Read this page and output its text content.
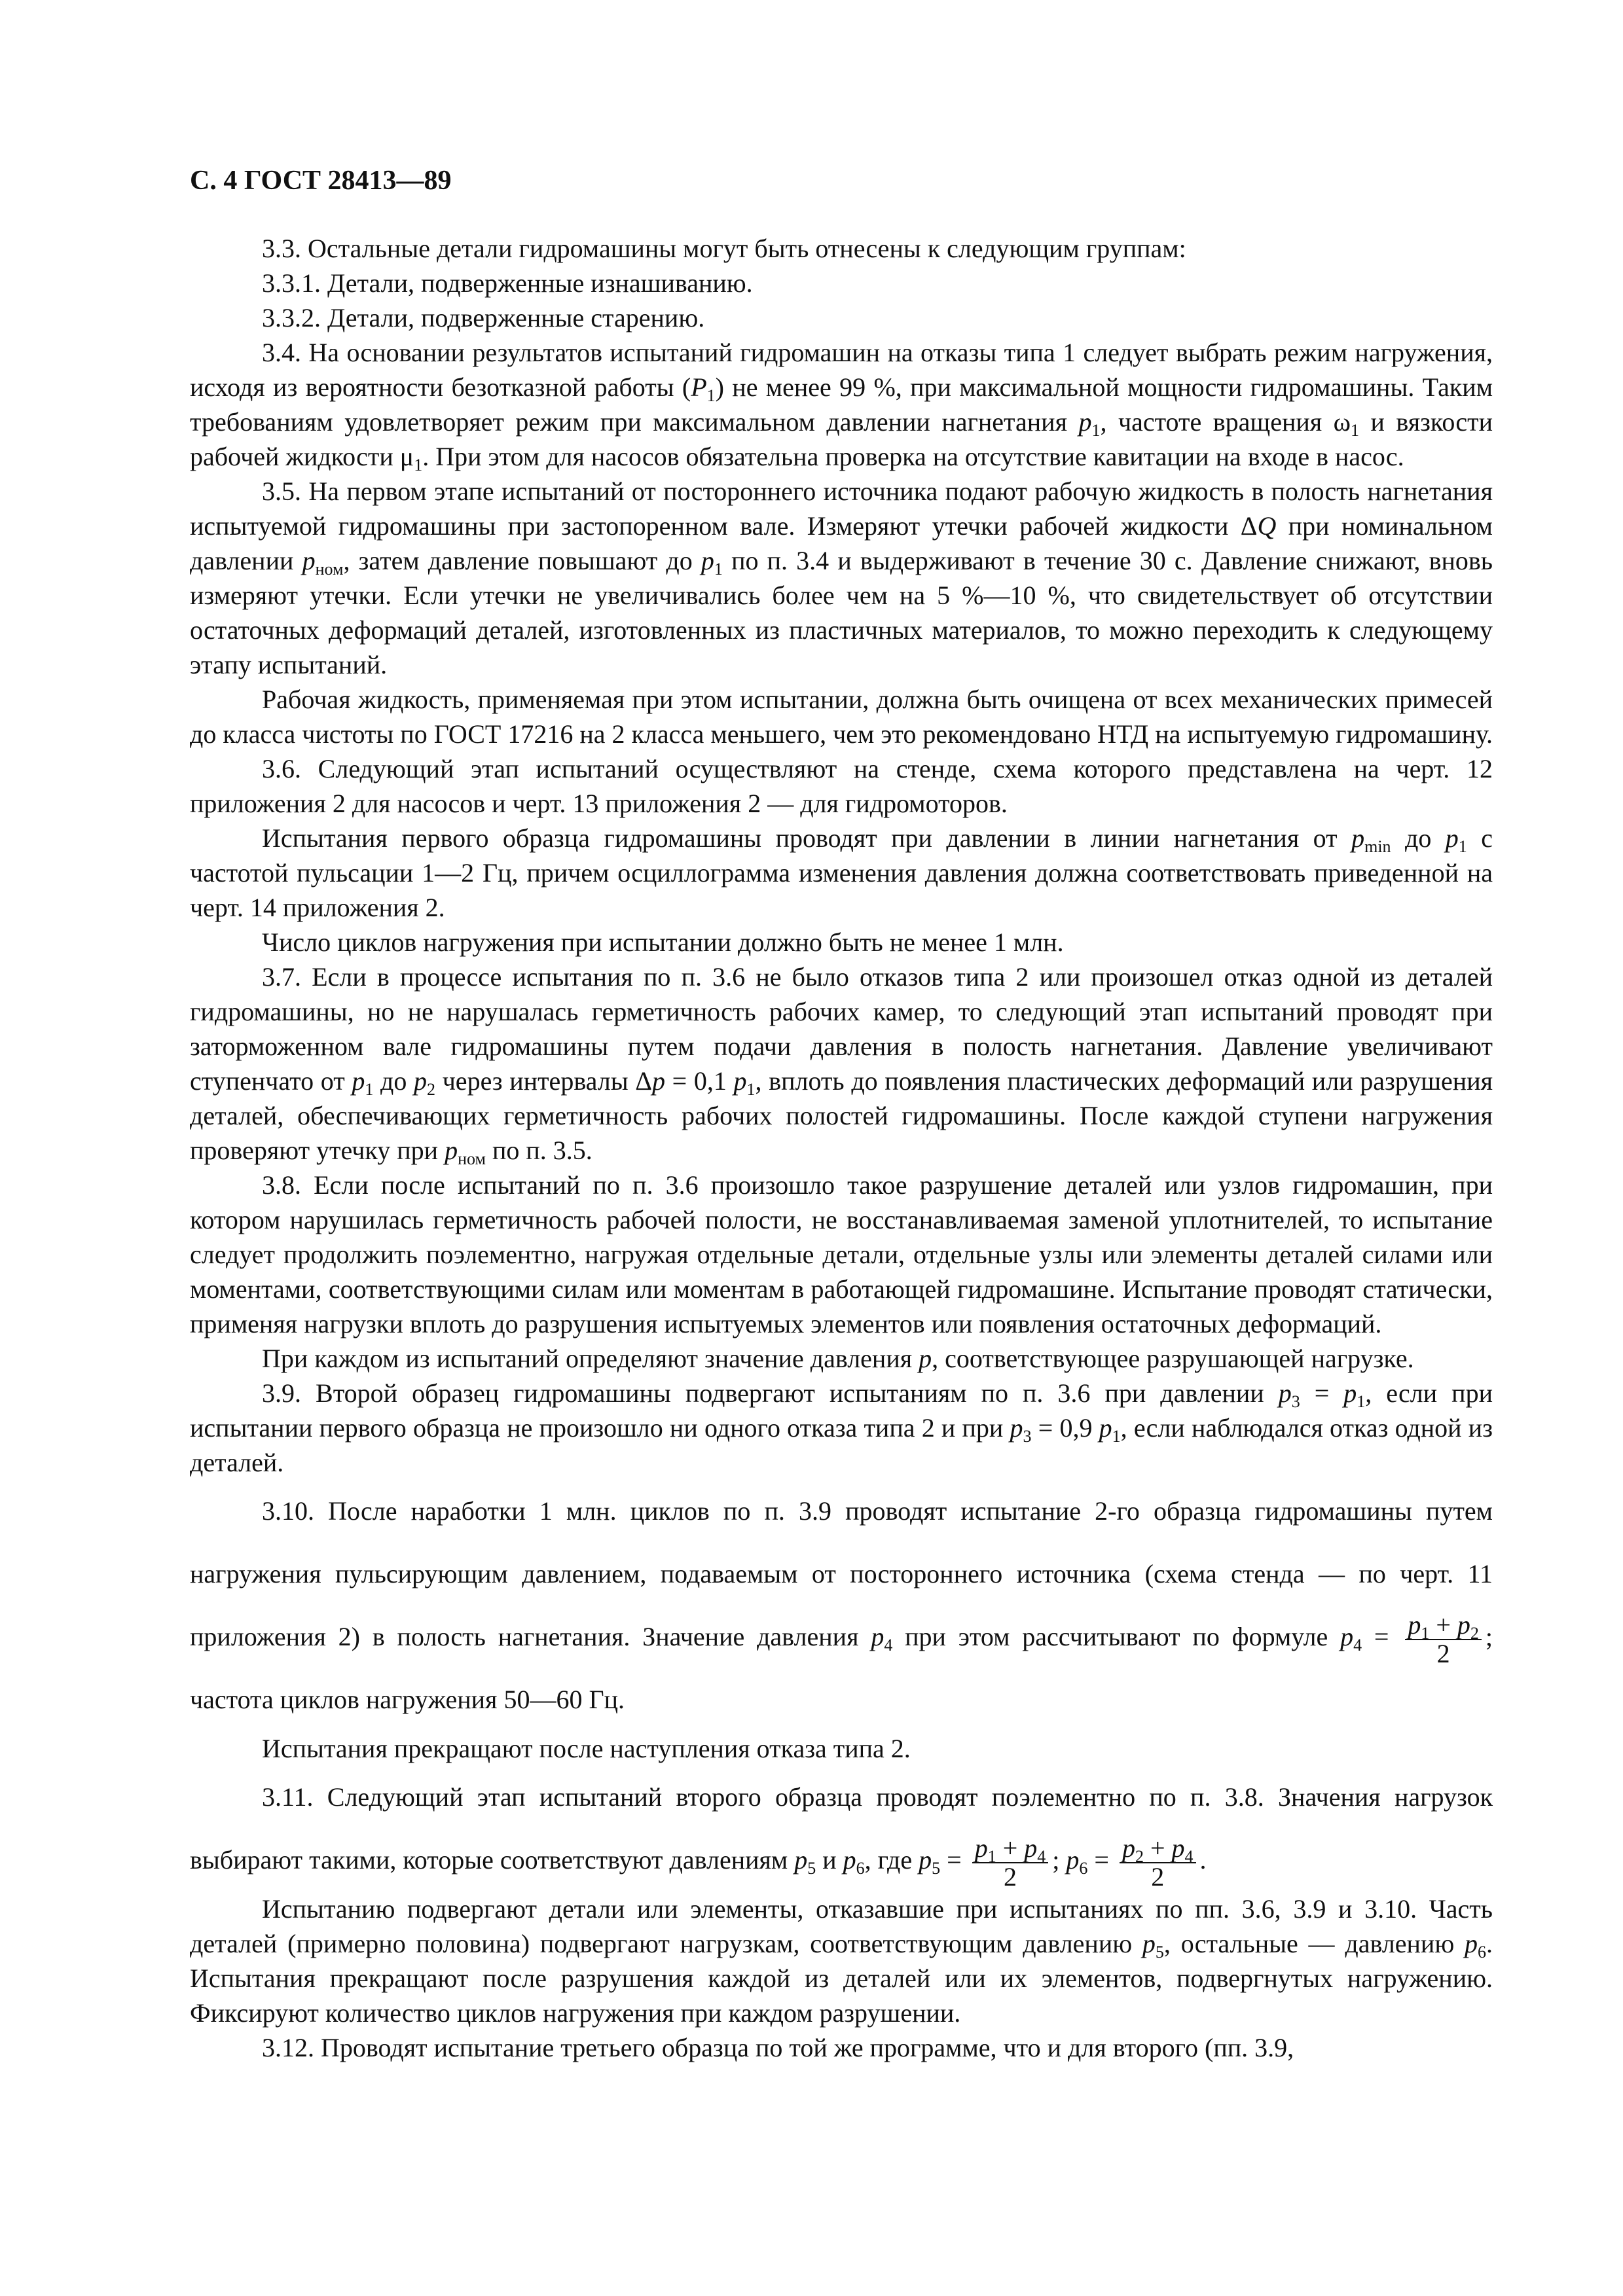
С. 4 ГОСТ 28413—89

3.3. Остальные детали гидромашины могут быть отнесены к следующим группам:

3.3.1. Детали, подверженные изнашиванию.

3.3.2. Детали, подверженные старению.

3.4. На основании результатов испытаний гидромашин на отказы типа 1 следует выбрать режим нагружения, исходя из вероятности безотказной работы $(P_1)$ не менее 99 %, при максимальной мощности гидромашины. Таким требованиям удовлетворяет режим при максимальном давлении нагнетания $p_1$, частоте вращения $\omega_1$ и вязкости рабочей жидкости $\mu_1$. При этом для насосов обязательна проверка на отсутствие кавитации на входе в насос.

3.5. На первом этапе испытаний от постороннего источника подают рабочую жидкость в полость нагнетания испытуемой гидромашины при застопоренном вале. Измеряют утечки рабочей жидкости ΔQ при номинальном давлении $p_{ном}$, затем давление повышают до $p_1$ по п. 3.4 и выдерживают в течение 30 с. Давление снижают, вновь измеряют утечки. Если утечки не увеличивались более чем на 5 %—10 %, что свидетельствует об отсутствии остаточных деформаций деталей, изготовленных из пластичных материалов, то можно переходить к следующему этапу испытаний.

Рабочая жидкость, применяемая при этом испытании, должна быть очищена от всех механических примесей до класса чистоты по ГОСТ 17216 на 2 класса меньшего, чем это рекомендовано НТД на испытуемую гидромашину.

3.6. Следующий этап испытаний осуществляют на стенде, схема которого представлена на черт. 12 приложения 2 для насосов и черт. 13 приложения 2 — для гидромоторов.

Испытания первого образца гидромашины проводят при давлении в линии нагнетания от $p_{min}$ до $p_1$ с частотой пульсации 1—2 Гц, причем осциллограмма изменения давления должна соответствовать приведенной на черт. 14 приложения 2.

Число циклов нагружения при испытании должно быть не менее 1 млн.

3.7. Если в процессе испытания по п. 3.6 не было отказов типа 2 или произошел отказ одной из деталей гидромашины, но не нарушалась герметичность рабочих камер, то следующий этап испытаний проводят при заторможенном вале гидромашины путем подачи давления в полость нагнетания. Давление увеличивают ступенчато от $p_1$ до $p_2$ через интервалы Δp = 0,1 $p_1$, вплоть до появления пластических деформаций или разрушения деталей, обеспечивающих герметичность рабочих полостей гидромашины. После каждой ступени нагружения проверяют утечку при $p_{ном}$ по п. 3.5.

3.8. Если после испытаний по п. 3.6 произошло такое разрушение деталей или узлов гидромашин, при котором нарушилась герметичность рабочей полости, не восстанавливаемая заменой уплотнителей, то испытание следует продолжить поэлементно, нагружая отдельные детали, отдельные узлы или элементы деталей силами или моментами, соответствующими силам или моментам в работающей гидромашине. Испытание проводят статически, применяя нагрузки вплоть до разрушения испытуемых элементов или появления остаточных деформаций.

При каждом из испытаний определяют значение давления p, соответствующее разрушающей нагрузке.

3.9. Второй образец гидромашины подвергают испытаниям по п. 3.6 при давлении $p_3 = p_1$, если при испытании первого образца не произошло ни одного отказа типа 2 и при $p_3 = 0,9$ $p_1$, если наблюдался отказ одной из деталей.

3.10. После наработки 1 млн. циклов по п. 3.9 проводят испытание 2-го образца гидромашины путем нагружения пульсирующим давлением, подаваемым от постороннего источника (схема стенда — по черт. 11 приложения 2) в полость нагнетания. Значение давления $p_4$ при этом рассчитывают по формуле $p_4 = \frac{p_1 + p_2}{2}$ ; частота циклов нагружения 50—60 Гц.

Испытания прекращают после наступления отказа типа 2.

3.11. Следующий этап испытаний второго образца проводят поэлементно по п. 3.8. Значения нагрузок выбирают такими, которые соответствуют давлениям $p_5$ и $p_6$, где $p_5 = \frac{p_1 + p_4}{2}$ ; $p_6 = \frac{p_2 + p_4}{2}$ .

Испытанию подвергают детали или элементы, отказавшие при испытаниях по пп. 3.6, 3.9 и 3.10. Часть деталей (примерно половина) подвергают нагрузкам, соответствующим давлению $p_5$, остальные — давлению $p_6$. Испытания прекращают после разрушения каждой из деталей или их элементов, подвергнутых нагружению. Фиксируют количество циклов нагружения при каждом разрушении.

3.12. Проводят испытание третьего образца по той же программе, что и для второго (пп. 3.9,
